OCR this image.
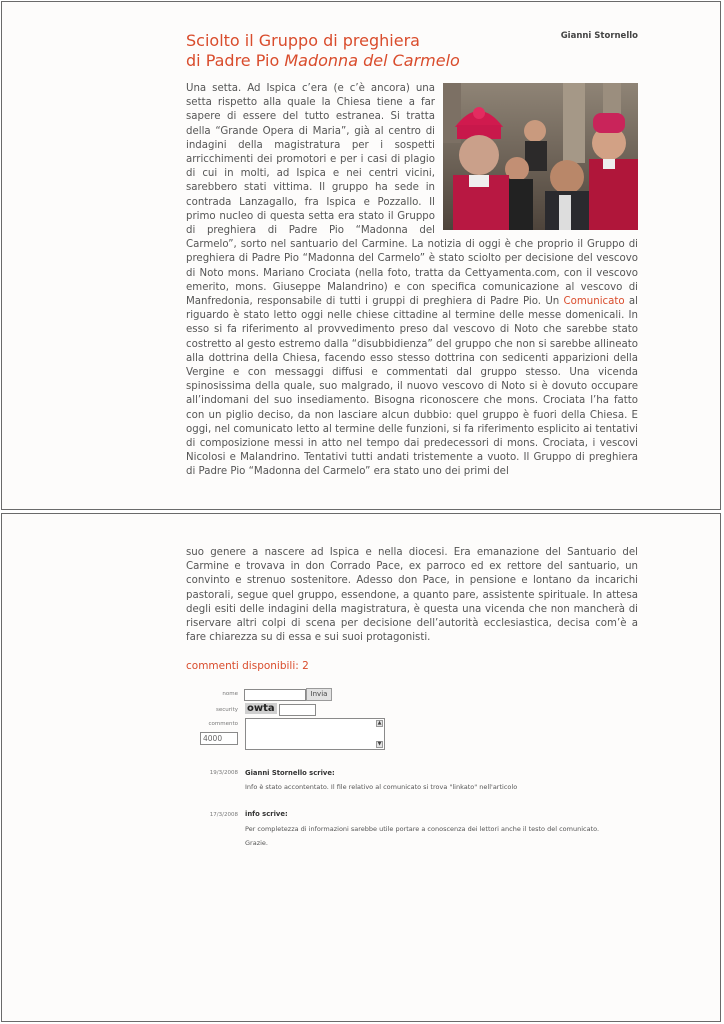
Sciolto il Gruppo di preghiera
di Padre Pio Madonna del Carmelo
Gianni Stornello

Una setta. Ad Ispica c’era (e c’è ancora) una setta rispetto alla quale la Chiesa tiene a far sapere di essere del tutto estranea. Si tratta della “Grande Opera di Maria”, già al centro di indagini della magistratura per i sospetti arricchimenti dei promotori e per i casi di plagio di cui in molti, ad Ispica e nei centri vicini, sarebbero stati vittima. Il gruppo ha sede in contrada Lanzagallo, fra Ispica e Pozzallo. Il primo nucleo di questa setta era stato il Gruppo di preghiera di Padre Pio “Madonna del Carmelo”, sorto nel santuario del Carmine. La notizia di oggi è che proprio il Gruppo di preghiera di Padre Pio “Madonna del Carmelo” è stato sciolto per decisione del vescovo di Noto mons. Mariano Crociata (nella foto, tratta da Cettyamenta.com, con il vescovo emerito, mons. Giuseppe Malandrino) e con specifica comunicazione al vescovo di Manfredonia, responsabile di tutti i gruppi di preghiera di Padre Pio. Un Comunicato al riguardo è stato letto oggi nelle chiese cittadine al termine delle messe domenicali. In esso si fa riferimento al provvedimento preso dal vescovo di Noto che sarebbe stato costretto al gesto estremo dalla “disubbidienza” del gruppo che non si sarebbe allineato alla dottrina della Chiesa, facendo esso stesso dottrina con sedicenti apparizioni della Vergine e con messaggi diffusi e commentati dal gruppo stesso. Una vicenda spinosissima della quale, suo malgrado, il nuovo vescovo di Noto si è dovuto occupare all’indomani del suo insediamento. Bisogna riconoscere che mons. Crociata l’ha fatto con un piglio deciso, da non lasciare alcun dubbio: quel gruppo è fuori della Chiesa. E oggi, nel comunicato letto al termine delle funzioni, si fa riferimento esplicito ai tentativi di composizione messi in atto nel tempo dai predecessori di mons. Crociata, i vescovi Nicolosi e Malandrino. Tentativi tutti andati tristemente a vuoto. Il Gruppo di preghiera di Padre Pio “Madonna del Carmelo” era stato uno dei primi del

suo genere a nascere ad Ispica e nella diocesi. Era emanazione del Santuario del Carmine e trovava in don Corrado Pace, ex parroco ed ex rettore del santuario, un convinto e strenuo sostenitore. Adesso don Pace, in pensione e lontano da incarichi pastorali, segue quel gruppo, essendone, a quanto pare, assistente spirituale. In attesa degli esiti delle indagini della magistratura, è questa una vicenda che non mancherà di riservare altri colpi di scena per decisione dell’autorità ecclesiastica, decisa com’è a fare chiarezza su di essa e sui suoi protagonisti.

commenti disponibili: 2
nome	Invia
security owta
commento
4000
▲
▼
19/3/2008 Gianni Stornello scrive:
Info è stato accontentato. Il file relativo al comunicato si trova "linkato" nell'articolo
17/3/2008 info scrive:
Per completezza di informazioni sarebbe utile portare a conoscenza dei lettori anche il testo del comunicato.
Grazie.
